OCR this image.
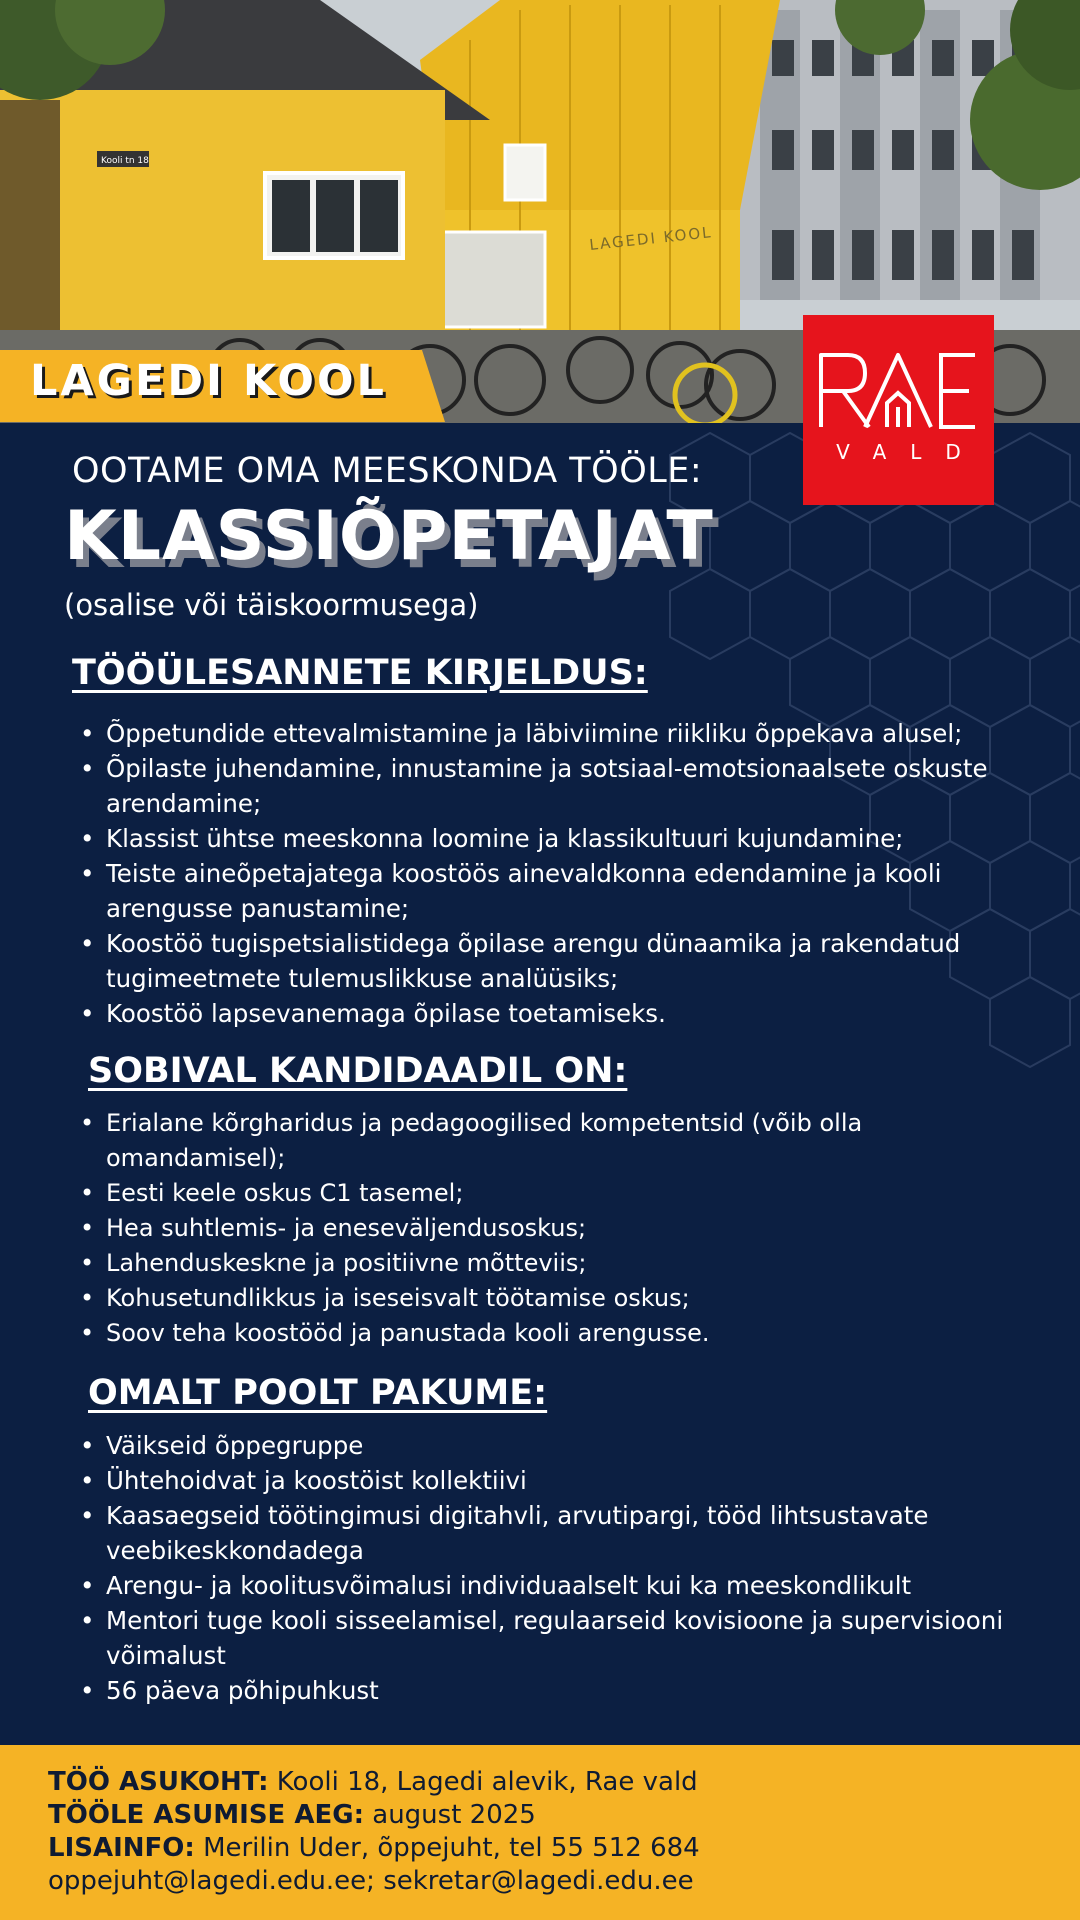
LAGEDI KOOL
Kooli tn 18
LAGEDI KOOL
VALD
OOTAME OMA MEESKONDA TÖÖLE:
KLASSIÕPETAJAT
(osalise või täiskoormusega)
TÖÖÜLESANNETE KIRJELDUS:
• Õppetundide ettevalmistamine ja läbiviimine riikliku õppekava alusel;
• Õpilaste juhendamine, innustamine ja sotsiaal-emotsionaalsete oskuste arendamine;
• Klassist ühtse meeskonna loomine ja klassikultuuri kujundamine;
• Teiste aineõpetajatega koostöös ainevaldkonna edendamine ja kooli arengusse panustamine;
• Koostöö tugispetsialistidega õpilase arengu dünaamika ja rakendatud tugimeetmete tulemuslikkuse analüüsiks;
• Koostöö lapsevanemaga õpilase toetamiseks.
SOBIVAL KANDIDAADIL ON:
• Erialane kõrgharidus ja pedagoogilised kompetentsid (võib olla omandamisel);
• Eesti keele oskus C1 tasemel;
• Hea suhtlemis- ja eneseväljendusoskus;
• Lahenduskeskne ja positiivne mõtteviis;
• Kohusetundlikkus ja iseseisvalt töötamise oskus;
• Soov teha koostööd ja panustada kooli arengusse.
OMALT POOLT PAKUME:
• Väikseid õppegruppe
• Ühtehoidvat ja koostöist kollektiivi
• Kaasaegseid töötingimusi digitahvli, arvutipargi, tööd lihtsustavate veebikeskkondadega
• Arengu- ja koolitusvõimalusi individuaalselt kui ka meeskondlikult
• Mentori tuge kooli sisseelamisel, regulaarseid kovisioone ja supervisiooni võimalust
• 56 päeva põhipuhkust
TÖÖ ASUKOHT: Kooli 18, Lagedi alevik, Rae vald
TÖÖLE ASUMISE AEG: august 2025
LISAINFO: Merilin Uder, õppejuht, tel 55 512 684
oppejuht@lagedi.edu.ee; sekretar@lagedi.edu.ee
